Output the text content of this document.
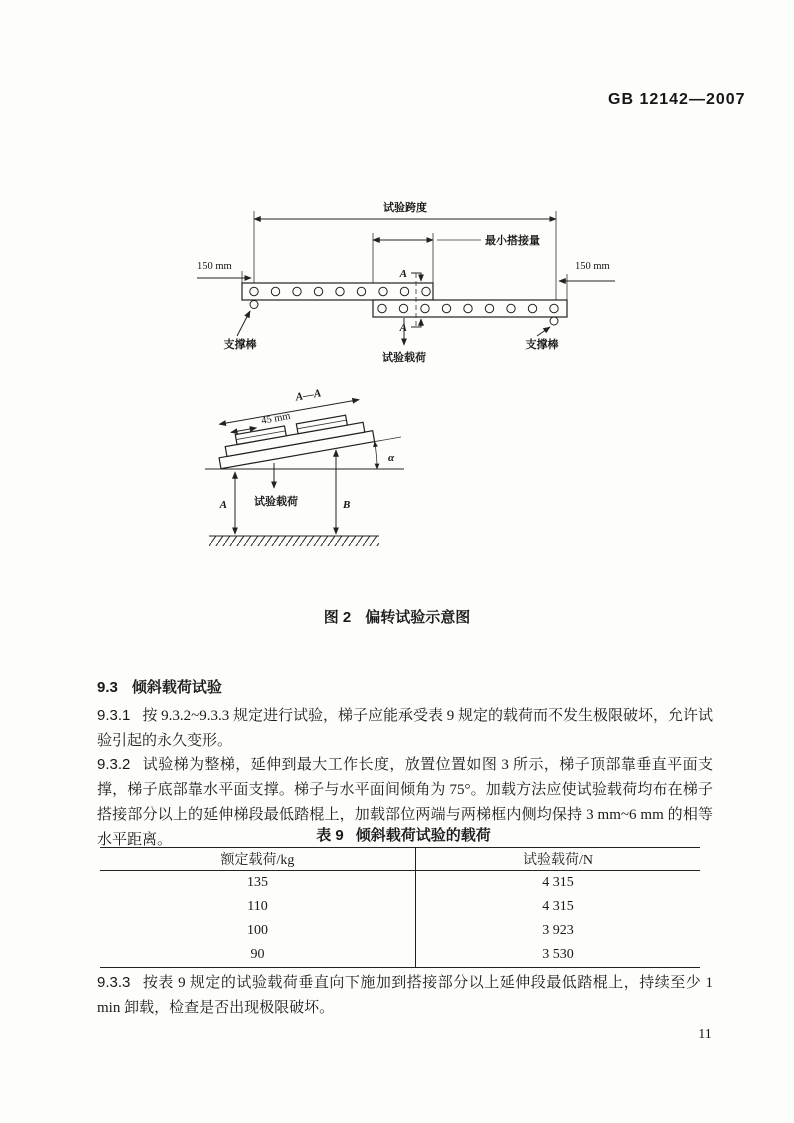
GB 12142—2007
试验跨度
最小搭接量
150 mm	150 mm
A
A
试验载荷
支撑棒	支撑棒
α
45 mm
A—A
A	B
试验载荷
图 2 偏转试验示意图
9.3 倾斜载荷试验

9.3.1 按 9.3.2~9.3.3 规定进行试验，梯子应能承受表 9 规定的载荷而不发生极限破坏，允许试验引起的永久变形。

9.3.2 试验梯为整梯，延伸到最大工作长度，放置位置如图 3 所示，梯子顶部靠垂直平面支撑，梯子底部靠水平面支撑。梯子与水平面间倾角为 75°。加载方法应使试验载荷均布在梯子搭接部分以上的延伸梯段最低踏棍上，加载部位两端与两梯框内侧均保持 3 mm~6 mm 的相等水平距离。	表 9 倾斜载荷试验的载荷
额定载荷/kg	试验载荷/N
135	4 315
110	4 315
100	3 923
90	3 530

9.3.3 按表 9 规定的试验载荷垂直向下施加到搭接部分以上延伸段最低踏棍上，持续至少 1 min 卸载，检查是否出现极限破坏。

11
